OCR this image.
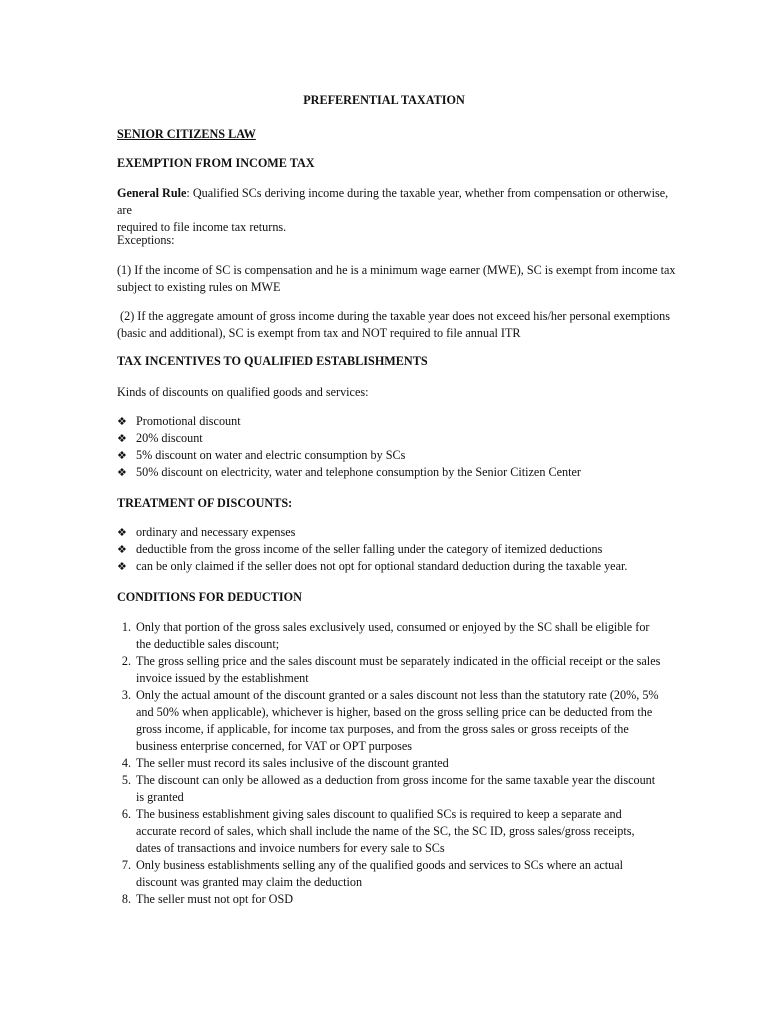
PREFERENTIAL TAXATION

SENIOR CITIZENS LAW

EXEMPTION FROM INCOME TAX

General Rule: Qualified SCs deriving income during the taxable year, whether from compensation or otherwise, are
required to file income tax returns.

Exceptions:

(1) If the income of SC is compensation and he is a minimum wage earner (MWE), SC is exempt from income tax
subject to existing rules on MWE
(2) If the aggregate amount of gross income during the taxable year does not exceed his/her personal exemptions
(basic and additional), SC is exempt from tax and NOT required to file annual ITR

TAX INCENTIVES TO QUALIFIED ESTABLISHMENTS

Kinds of discounts on qualified goods and services:

❖ Promotional discount
❖ 20% discount
❖ 5% discount on water and electric consumption by SCs
❖ 50% discount on electricity, water and telephone consumption by the Senior Citizen Center

TREATMENT OF DISCOUNTS:

❖ ordinary and necessary expenses
❖ deductible from the gross income of the seller falling under the category of itemized deductions
❖ can be only claimed if the seller does not opt for optional standard deduction during the taxable year.

CONDITIONS FOR DEDUCTION

1. Only that portion of the gross sales exclusively used, consumed or enjoyed by the SC shall be eligible for
the deductible sales discount;
2. The gross selling price and the sales discount must be separately indicated in the official receipt or the sales
invoice issued by the establishment
3. Only the actual amount of the discount granted or a sales discount not less than the statutory rate (20%, 5%
and 50% when applicable), whichever is higher, based on the gross selling price can be deducted from the
gross income, if applicable, for income tax purposes, and from the gross sales or gross receipts of the
business enterprise concerned, for VAT or OPT purposes
4. The seller must record its sales inclusive of the discount granted
5. The discount can only be allowed as a deduction from gross income for the same taxable year the discount
is granted
6. The business establishment giving sales discount to qualified SCs is required to keep a separate and
accurate record of sales, which shall include the name of the SC, the SC ID, gross sales/gross receipts,
dates of transactions and invoice numbers for every sale to SCs
7. Only business establishments selling any of the qualified goods and services to SCs where an actual
discount was granted may claim the deduction
8. The seller must not opt for OSD
